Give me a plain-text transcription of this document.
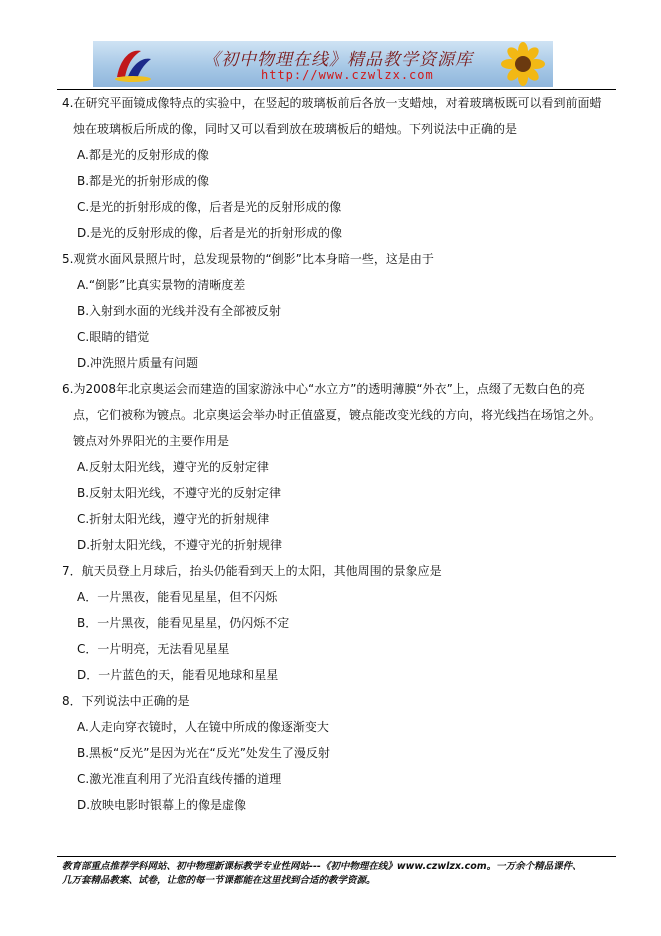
《初中物理在线》精品教学资源库
http://www.czwlzx.com

4.在研究平面镜成像特点的实验中，在竖起的玻璃板前后各放一支蜡烛，对着玻璃板既可以看到前面蜡

烛在玻璃板后所成的像，同时又可以看到放在玻璃板后的蜡烛。下列说法中正确的是

A.都是光的反射形成的像

B.都是光的折射形成的像

C.是光的折射形成的像，后者是光的反射形成的像

D.是光的反射形成的像，后者是光的折射形成的像

5.观赏水面风景照片时，总发现景物的“倒影”比本身暗一些，这是由于

A.“倒影”比真实景物的清晰度差

B.入射到水面的光线并没有全部被反射

C.眼睛的错觉

D.冲洗照片质量有问题

6.为2008年北京奥运会而建造的国家游泳中心“水立方”的透明薄膜“外衣”上，点缀了无数白色的亮

点，它们被称为镀点。北京奥运会举办时正值盛夏，镀点能改变光线的方向，将光线挡在场馆之外。

镀点对外界阳光的主要作用是

A.反射太阳光线，遵守光的反射定律

B.反射太阳光线，不遵守光的反射定律

C.折射太阳光线，遵守光的折射规律

D.折射太阳光线，不遵守光的折射规律

7．航天员登上月球后，抬头仍能看到天上的太阳，其他周围的景象应是

A．一片黑夜，能看见星星，但不闪烁

B．一片黑夜，能看见星星，仍闪烁不定

C．一片明亮，无法看见星星

D．一片蓝色的天，能看见地球和星星

8．下列说法中正确的是

A.人走向穿衣镜时，人在镜中所成的像逐渐变大

B.黑板“反光”是因为光在“反光”处发生了漫反射

C.激光准直利用了光沿直线传播的道理

D.放映电影时银幕上的像是虚像

教育部重点推荐学科网站、初中物理新课标教学专业性网站---《初中物理在线》www.czwlzx.com。一万余个精品课件、
几万套精品教案、试卷，让您的每一节课都能在这里找到合适的教学资源。
